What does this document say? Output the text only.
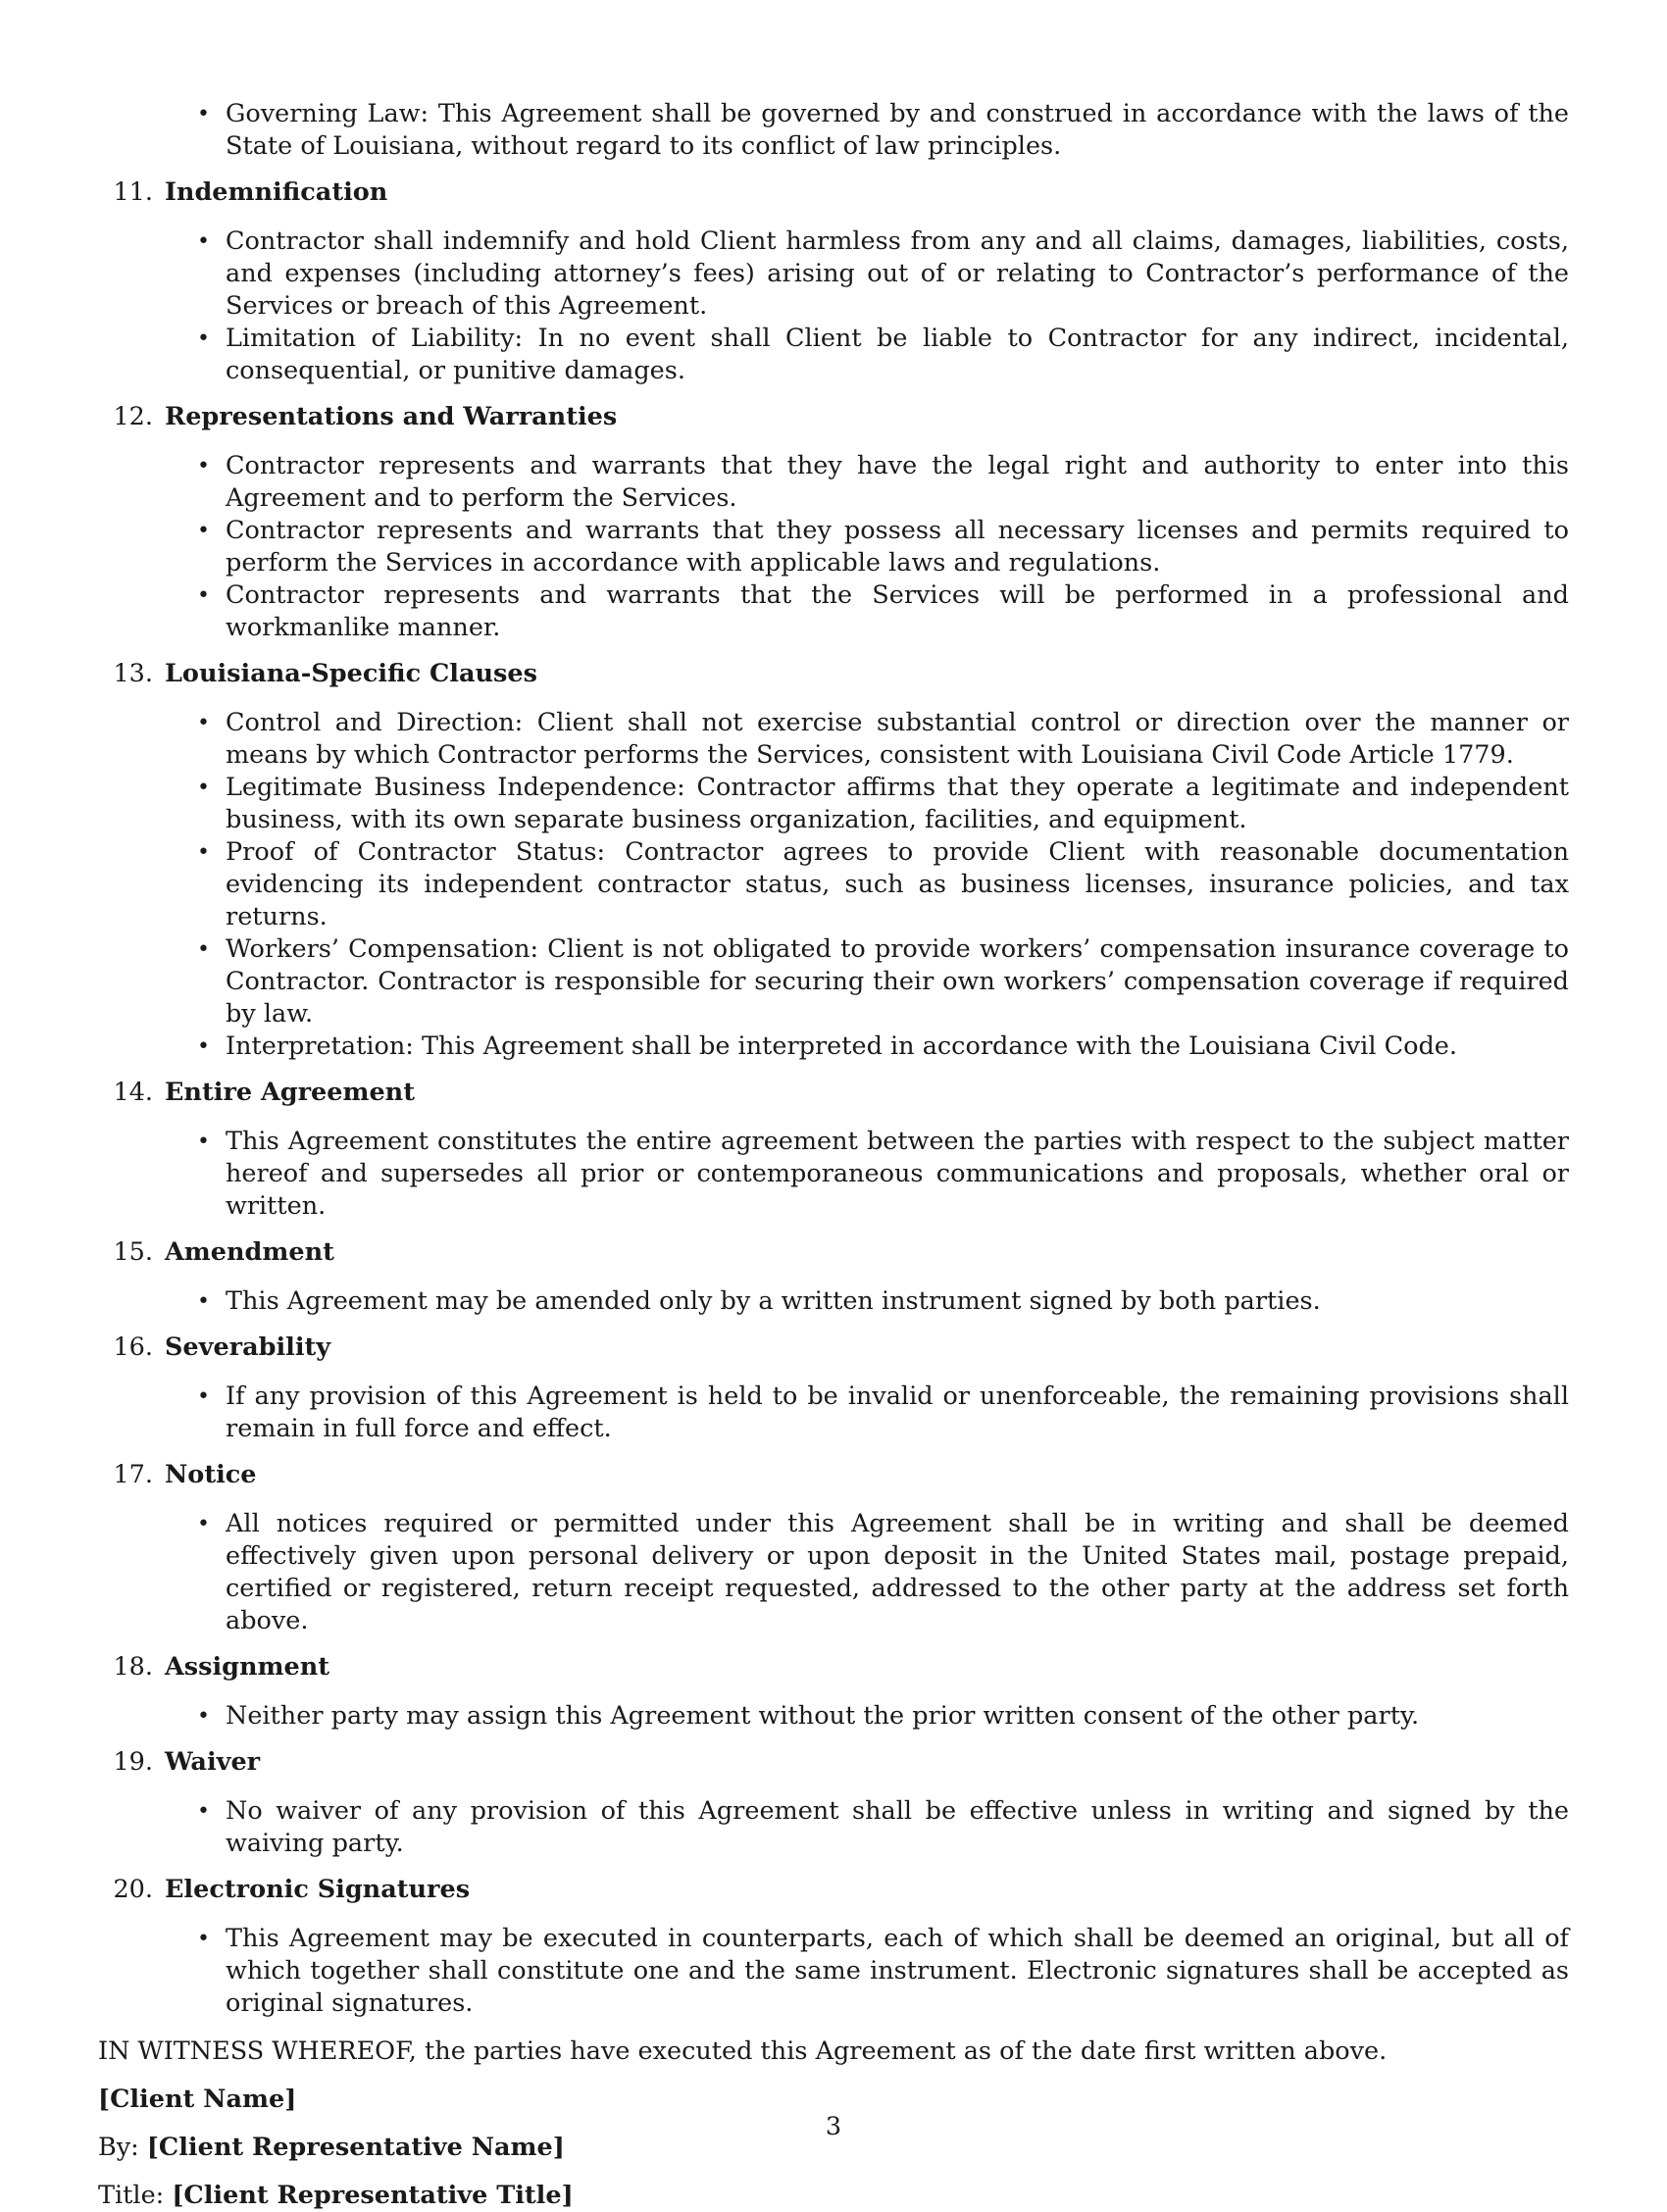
• Governing Law: This Agreement shall be governed by and construed in accordance with the laws of the State of Louisiana, without regard to its conflict of law principles.
11. Indemnification
• Contractor shall indemnify and hold Client harmless from any and all claims, damages, liabilities, costs, and expenses (including attorney’s fees) arising out of or relating to Contractor’s performance of the Services or breach of this Agreement.
• Limitation of Liability: In no event shall Client be liable to Contractor for any indirect, incidental, consequential, or punitive damages.
12. Representations and Warranties
• Contractor represents and warrants that they have the legal right and authority to enter into this Agreement and to perform the Services.
• Contractor represents and warrants that they possess all necessary licenses and permits required to perform the Services in accordance with applicable laws and regulations.
• Contractor represents and warrants that the Services will be performed in a professional and workmanlike manner.
13. Louisiana-Specific Clauses
• Control and Direction: Client shall not exercise substantial control or direction over the manner or means by which Contractor performs the Services, consistent with Louisiana Civil Code Article 1779.
• Legitimate Business Independence: Contractor affirms that they operate a legitimate and independent business, with its own separate business organization, facilities, and equipment.
• Proof of Contractor Status: Contractor agrees to provide Client with reasonable documentation evidencing its independent contractor status, such as business licenses, insurance policies, and tax returns.
• Workers’ Compensation: Client is not obligated to provide workers’ compensation insurance coverage to Contractor. Contractor is responsible for securing their own workers’ compensation coverage if required by law.
• Interpretation: This Agreement shall be interpreted in accordance with the Louisiana Civil Code.
14. Entire Agreement
• This Agreement constitutes the entire agreement between the parties with respect to the subject matter hereof and supersedes all prior or contemporaneous communications and proposals, whether oral or written.
15. Amendment
• This Agreement may be amended only by a written instrument signed by both parties.
16. Severability
• If any provision of this Agreement is held to be invalid or unenforceable, the remaining provisions shall remain in full force and effect.
17. Notice
• All notices required or permitted under this Agreement shall be in writing and shall be deemed effectively given upon personal delivery or upon deposit in the United States mail, postage prepaid, certified or registered, return receipt requested, addressed to the other party at the address set forth above.
18. Assignment
• Neither party may assign this Agreement without the prior written consent of the other party.
19. Waiver
• No waiver of any provision of this Agreement shall be effective unless in writing and signed by the waiving party.
20. Electronic Signatures
• This Agreement may be executed in counterparts, each of which shall be deemed an original, but all of which together shall constitute one and the same instrument. Electronic signatures shall be accepted as original signatures.
IN WITNESS WHEREOF, the parties have executed this Agreement as of the date first written above.
[Client Name]
By: [Client Representative Name]
Title: [Client Representative Title]
3
